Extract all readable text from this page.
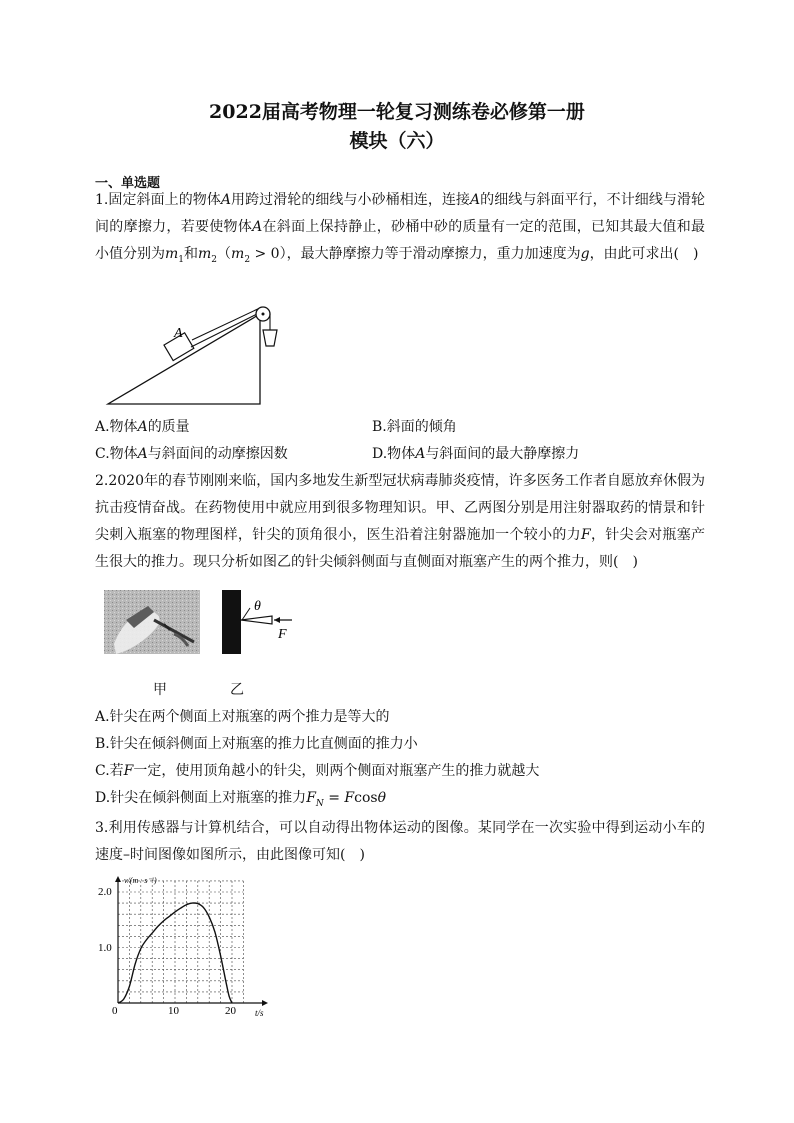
2022届高考物理一轮复习测练卷必修第一册
模块（六）
一、单选题
1.固定斜面上的物体A用跨过滑轮的细线与小砂桶相连，连接A的细线与斜面平行，不计细线与滑轮间的摩擦力，若要使物体A在斜面上保持静止，砂桶中砂的质量有一定的范围，已知其最大值和最小值分别为$m_1$和$m_2(m_2 > 0)$，最大静摩擦力等于滑动摩擦力，重力加速度为g，由此可求出(　)
A
A.物体A的质量	B.斜面的倾角
C.物体A与斜面间的动摩擦因数	D.物体A与斜面间的最大静摩擦力
2.2020年的春节刚刚来临，国内多地发生新型冠状病毒肺炎疫情，许多医务工作者自愿放弃休假为抗击疫情奋战。在药物使用中就应用到很多物理知识。甲、乙两图分别是用注射器取药的情景和针尖刺入瓶塞的物理图样，针尖的顶角很小，医生沿着注射器施加一个较小的力F，针尖会对瓶塞产生很大的推力。现只分析如图乙的针尖倾斜侧面与直侧面对瓶塞产生的两个推力，则(　)
θ
F
甲	乙
A.针尖在两个侧面上对瓶塞的两个推力是等大的
B.针尖在倾斜侧面上对瓶塞的推力比直侧面的推力小
C.若F一定，使用顶角越小的针尖，则两个侧面对瓶塞产生的推力就越大
D.针尖在倾斜侧面上对瓶塞的推力$F_N = Fcos\theta$
3.利用传感器与计算机结合，可以自动得出物体运动的图像。某同学在一次实验中得到运动小车的速度–时间图像如图所示，由此图像可知(　)
v/(m · s⁻¹)
t/s
0	10	20
1.0
2.0
